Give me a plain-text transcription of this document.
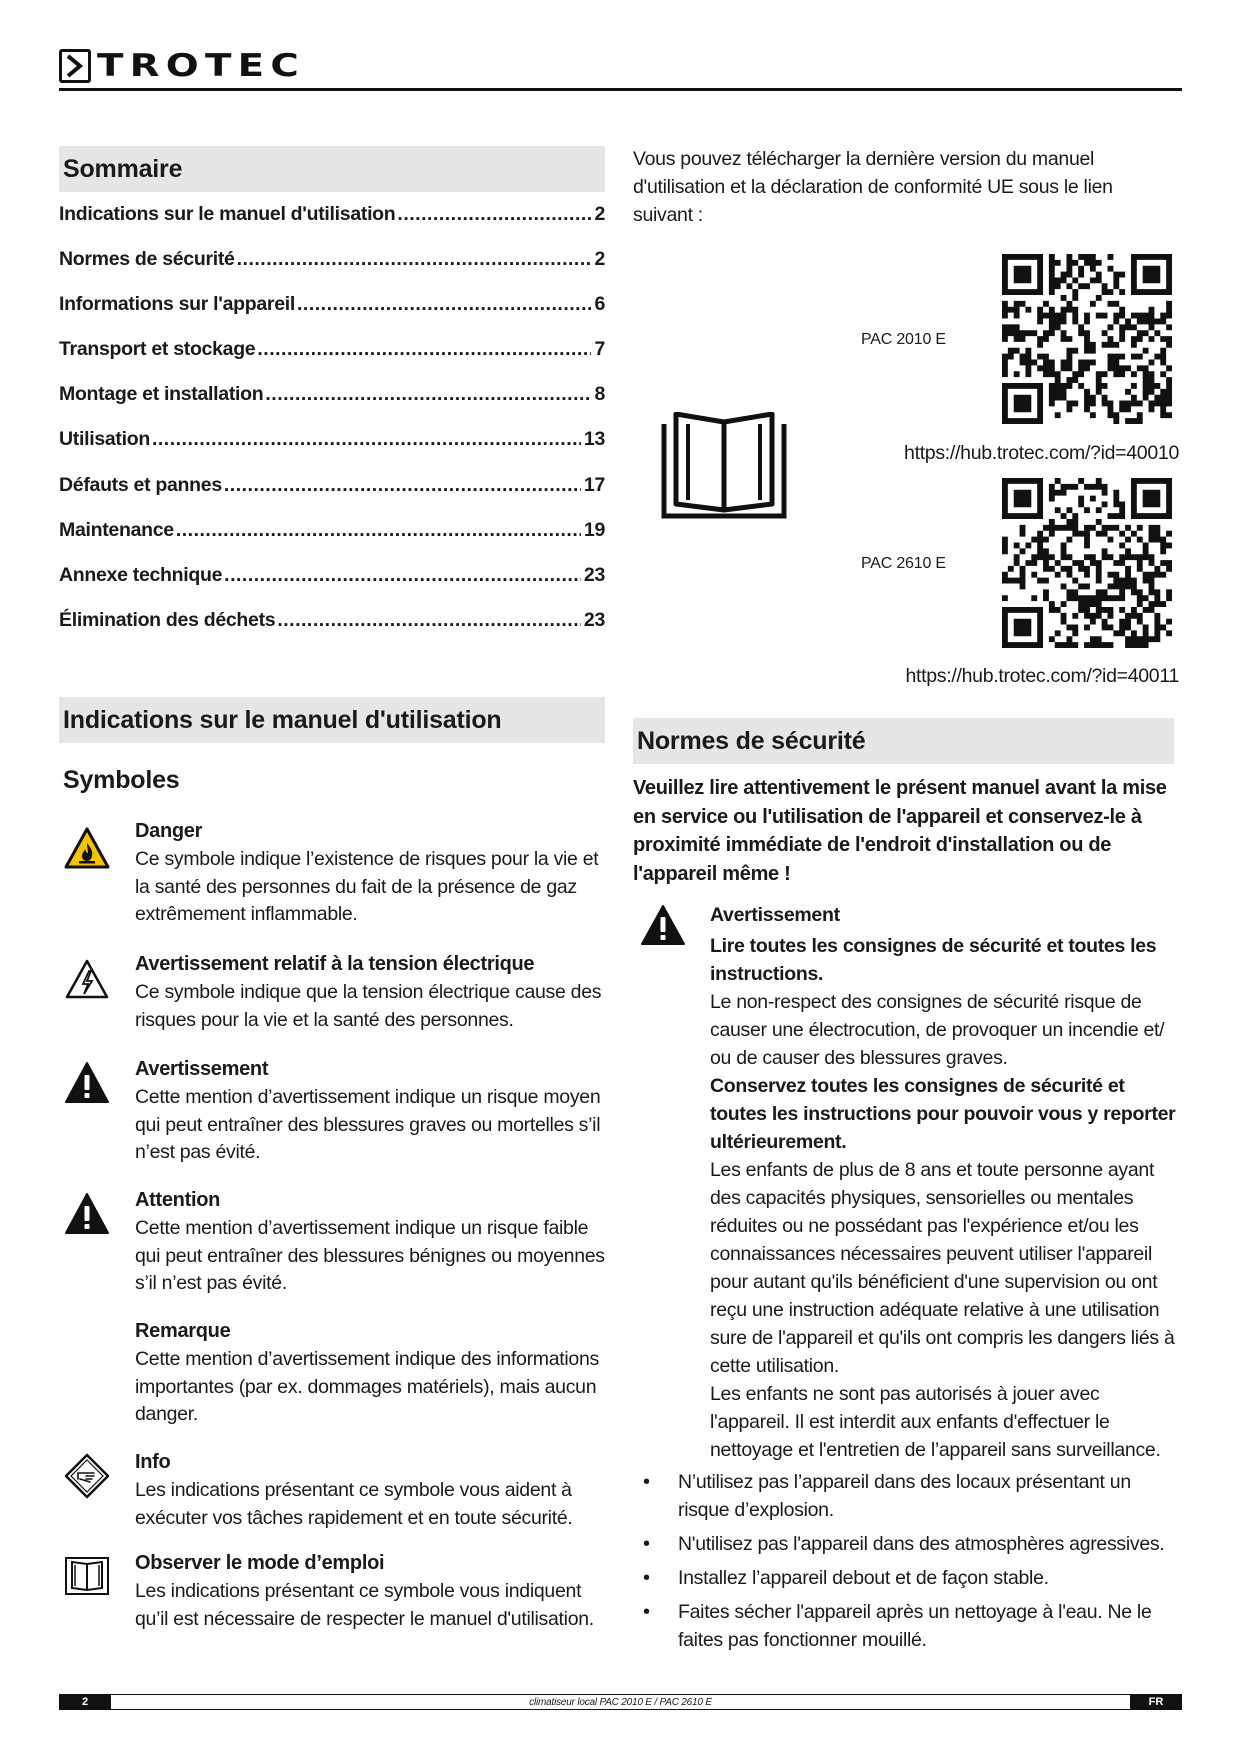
TROTEC
Sommaire
Indications sur le manuel d'utilisation .....	2
Normes de sécurité .....	2
Informations sur l'appareil .....	6
Transport et stockage .....	7
Montage et installation .....	8
Utilisation .....	13
Défauts et pannes .....	17
Maintenance .....	19
Annexe technique .....	23
Élimination des déchets .....	23
Indications sur le manuel d'utilisation
Symboles
Danger
Ce symbole indique l’existence de risques pour la vie et la santé des personnes du fait de la présence de gaz extrêmement inflammable.
Avertissement relatif à la tension électrique
Ce symbole indique que la tension électrique cause des risques pour la vie et la santé des personnes.
Avertissement
Cette mention d’avertissement indique un risque moyen qui peut entraîner des blessures graves ou mortelles s’il n’est pas évité.
Attention
Cette mention d’avertissement indique un risque faible qui peut entraîner des blessures bénignes ou moyennes s’il n’est pas évité.
Remarque
Cette mention d’avertissement indique des informations importantes (par ex. dommages matériels), mais aucun danger.
Info
Les indications présentant ce symbole vous aident à exécuter vos tâches rapidement et en toute sécurité.
Observer le mode d’emploi
Les indications présentant ce symbole vous indiquent qu’il est nécessaire de respecter le manuel d'utilisation.
Vous pouvez télécharger la dernière version du manuel d'utilisation et la déclaration de conformité UE sous le lien suivant :
PAC 2010 E
https://hub.trotec.com/?id=40010
PAC 2610 E
https://hub.trotec.com/?id=40011
Normes de sécurité
Veuillez lire attentivement le présent manuel avant la mise en service ou l'utilisation de l'appareil et conservez-le à proximité immédiate de l'endroit d'installation ou de l'appareil même !

Avertissement

Lire toutes les consignes de sécurité et toutes les instructions.

Le non-respect des consignes de sécurité risque de causer une électrocution, de provoquer un incendie et/ ou de causer des blessures graves.

Conservez toutes les consignes de sécurité et toutes les instructions pour pouvoir vous y reporter ultérieurement.

Les enfants de plus de 8 ans et toute personne ayant des capacités physiques, sensorielles ou mentales réduites ou ne possédant pas l'expérience et/ou les connaissances nécessaires peuvent utiliser l'appareil pour autant qu'ils bénéficient d'une supervision ou ont reçu une instruction adéquate relative à une utilisation sure de l'appareil et qu'ils ont compris les dangers liés à cette utilisation.

Les enfants ne sont pas autorisés à jouer avec l'appareil. Il est interdit aux enfants d'effectuer le nettoyage et l'entretien de l’appareil sans surveillance.

• N’utilisez pas l’appareil dans des locaux présentant un risque d’explosion.
• N'utilisez pas l'appareil dans des atmosphères agressives.
• Installez l’appareil debout et de façon stable.
• Faites sécher l'appareil après un nettoyage à l'eau. Ne le faites pas fonctionner mouillé.
2	climatiseur local PAC 2010 E / PAC 2610 E	FR
